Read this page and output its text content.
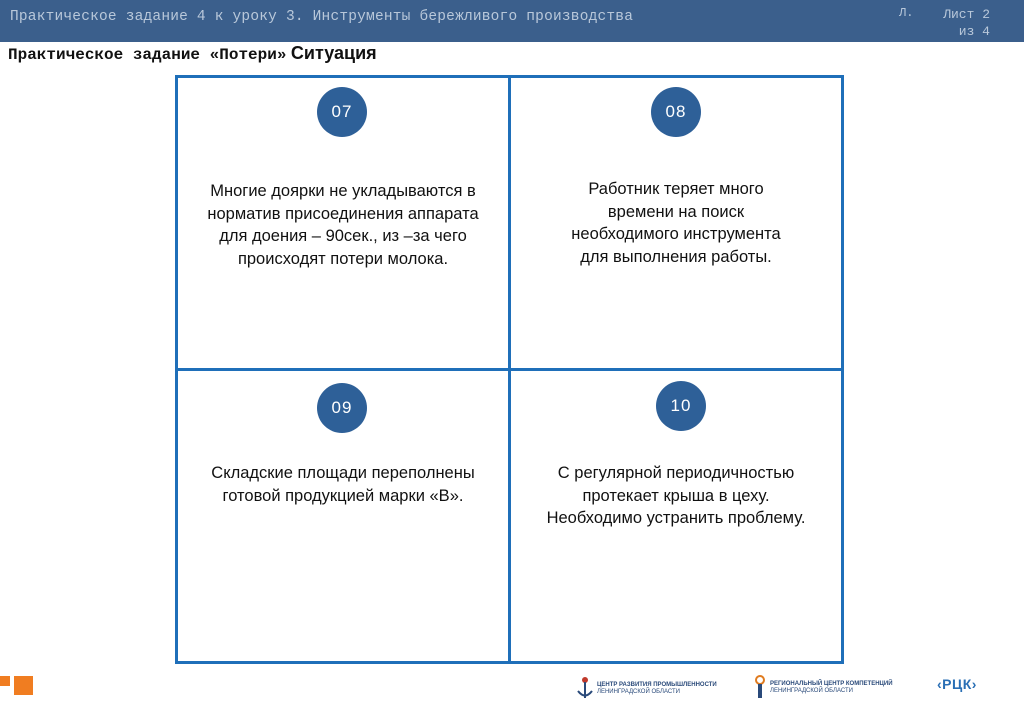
Практическое задание 4 к уроку 3. Инструменты бережливого производства	Л.	Лист 2
из 4
Практическое задание «Потери» Ситуация
07
Многие доярки не укладываются в норматив присоединения аппарата для доения – 90сек., из –за чего происходят потери молока.
08
Работник теряет много времени на поиск необходимого инструмента для выполнения работы.
09
Складские площади переполнены готовой продукцией марки «В».
10
С регулярной периодичностью протекает крыша в цеху. Необходимо устранить проблему.
ЦЕНТР РАЗВИТИЯ ПРОМЫШЛЕННОСТИ
ЛЕНИНГРАДСКОЙ ОБЛАСТИ
РЕГИОНАЛЬНЫЙ ЦЕНТР КОМПЕТЕНЦИЙ
ЛЕНИНГРАДСКОЙ ОБЛАСТИ	‹РЦК›
